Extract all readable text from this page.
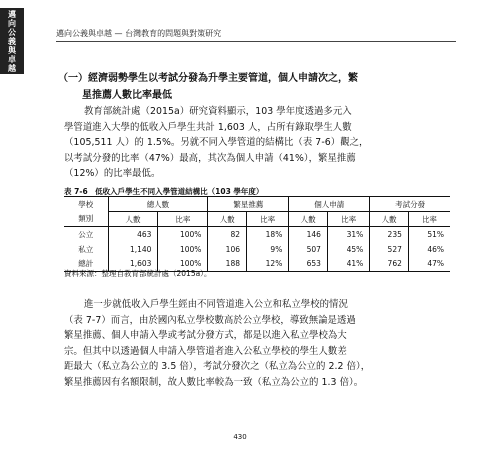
邁向公義與卓越	邁向公義與卓越 — 台灣教育的問題與對策研究
（一）經濟弱勢學生以考試分發為升學主要管道，個人申請次之，繁
星推薦人數比率最低
教育部統計處（2015a）研究資料顯示，103 學年度透過多元入
學管道進入大學的低收入戶學生共計 1,603 人，占所有錄取學生人數
（105,511 人）的 1.5%。另就不同入學管道的結構比（表 7-6）觀之，
以考試分發的比率（47%）最高，其次為個人申請（41%），繁星推薦
（12%）的比率最低。
表 7-6　低收入戶學生不同入學管道結構比（103 學年度）
學校	總人數		繁星推薦		個人申請		考試分發	
類別	人數	比率	人數	比率	人數	比率	人數	比率
公立	463	100%	82	18%	146	31%	235	51%
私立	1,140	100%	106	9%	507	45%	527	46%
總計	1,603	100%	188	12%	653	41%	762	47%
資料來源：整理自教育部統計處（2015a）。
進一步就低收入戶學生經由不同管道進入公立和私立學校的情況
（表 7-7）而言，由於國內私立學校數高於公立學校，導致無論是透過
繁星推薦、個人申請入學或考試分發方式，都是以進入私立學校為大
宗。但其中以透過個人申請入學管道者進入公私立學校的學生人數差
距最大（私立為公立的 3.5 倍），考試分發次之（私立為公立的 2.2 倍），
繁星推薦因有名額限制，故人數比率較為一致（私立為公立的 1.3 倍）。
430
